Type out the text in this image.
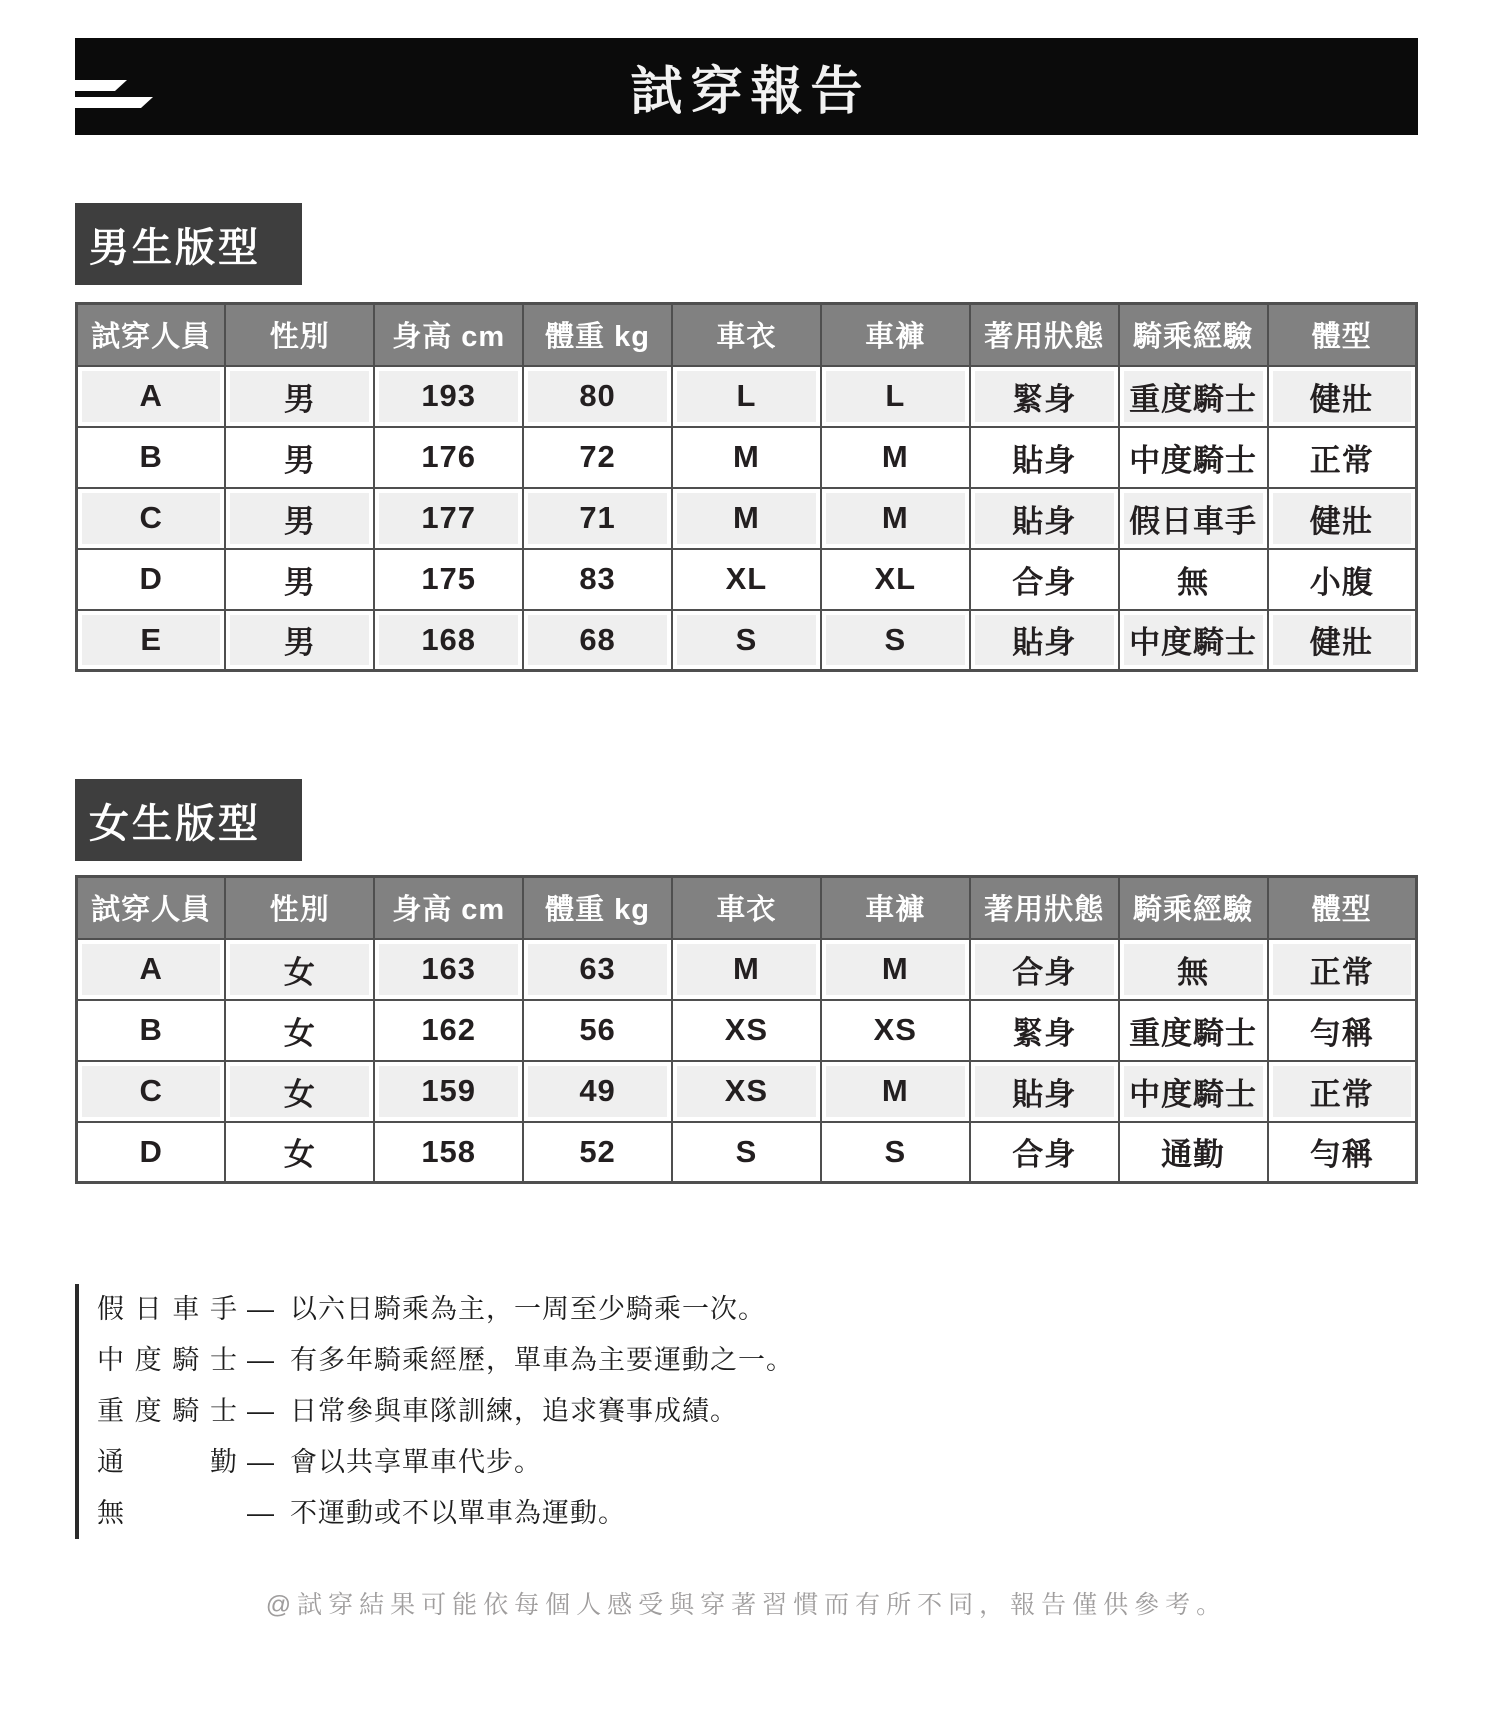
試穿報告
男生版型
試穿人員	性別	身高 cm	體重 kg	車衣	車褲	著用狀態	騎乘經驗	體型
A	男	193	80	L	L	緊身	重度騎士	健壯
B	男	176	72	M	M	貼身	中度騎士	正常
C	男	177	71	M	M	貼身	假日車手	健壯
D	男	175	83	XL	XL	合身	無	小腹
E	男	168	68	S	S	貼身	中度騎士	健壯
女生版型
試穿人員	性別	身高 cm	體重 kg	車衣	車褲	著用狀態	騎乘經驗	體型
A	女	163	63	M	M	合身	無	正常
B	女	162	56	XS	XS	緊身	重度騎士	勻稱
C	女	159	49	XS	M	貼身	中度騎士	正常
D	女	158	52	S	S	合身	通勤	勻稱
假日車手 — 以六日騎乘為主，一周至少騎乘一次。
中度騎士 — 有多年騎乘經歷，單車為主要運動之一。
重度騎士 — 日常參與車隊訓練，追求賽事成績。
通勤 — 會以共享單車代步。
無	— 不運動或不以單車為運動。
@試穿結果可能依每個人感受與穿著習慣而有所不同，報告僅供參考。
